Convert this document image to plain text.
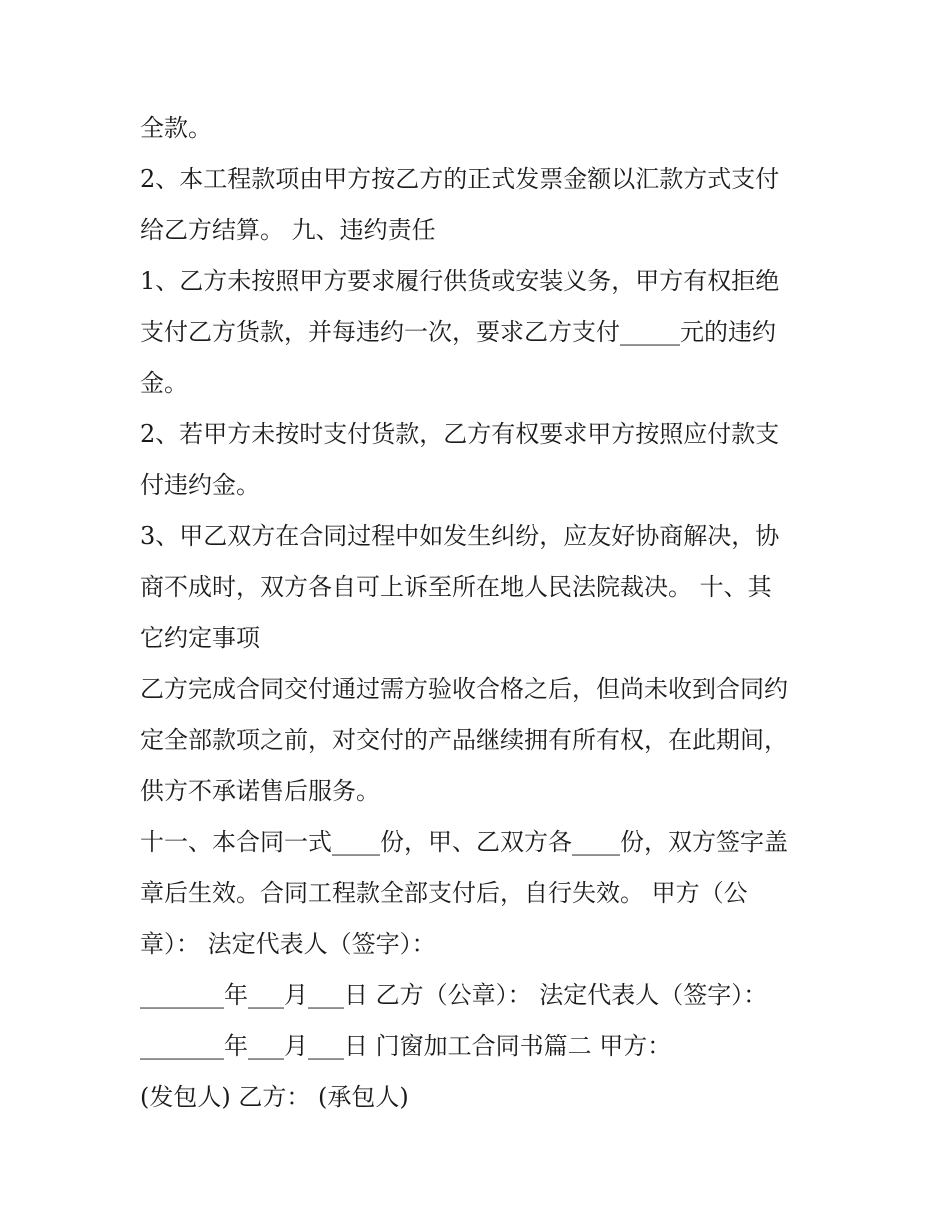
全款。
2、本工程款项由甲方按乙方的正式发票金额以汇款方式支付
给乙方结算。 九、违约责任
1、乙方未按照甲方要求履行供货或安装义务，甲方有权拒绝
支付乙方货款，并每违约一次，要求乙方支付_____元的违约
金。
2、若甲方未按时支付货款，乙方有权要求甲方按照应付款支
付违约金。
3、甲乙双方在合同过程中如发生纠纷，应友好协商解决，协
商不成时，双方各自可上诉至所在地人民法院裁决。 十、其
它约定事项
乙方完成合同交付通过需方验收合格之后，但尚未收到合同约
定全部款项之前，对交付的产品继续拥有所有权，在此期间，
供方不承诺售后服务。
十一、本合同一式____份，甲、乙双方各____份，双方签字盖
章后生效。合同工程款全部支付后，自行失效。 甲方（公
章）： 法定代表人（签字）：
_______年___月___日 乙方（公章）： 法定代表人（签字）：
_______年___月___日 门窗加工合同书篇二 甲方：
(发包人) 乙方： (承包人)
